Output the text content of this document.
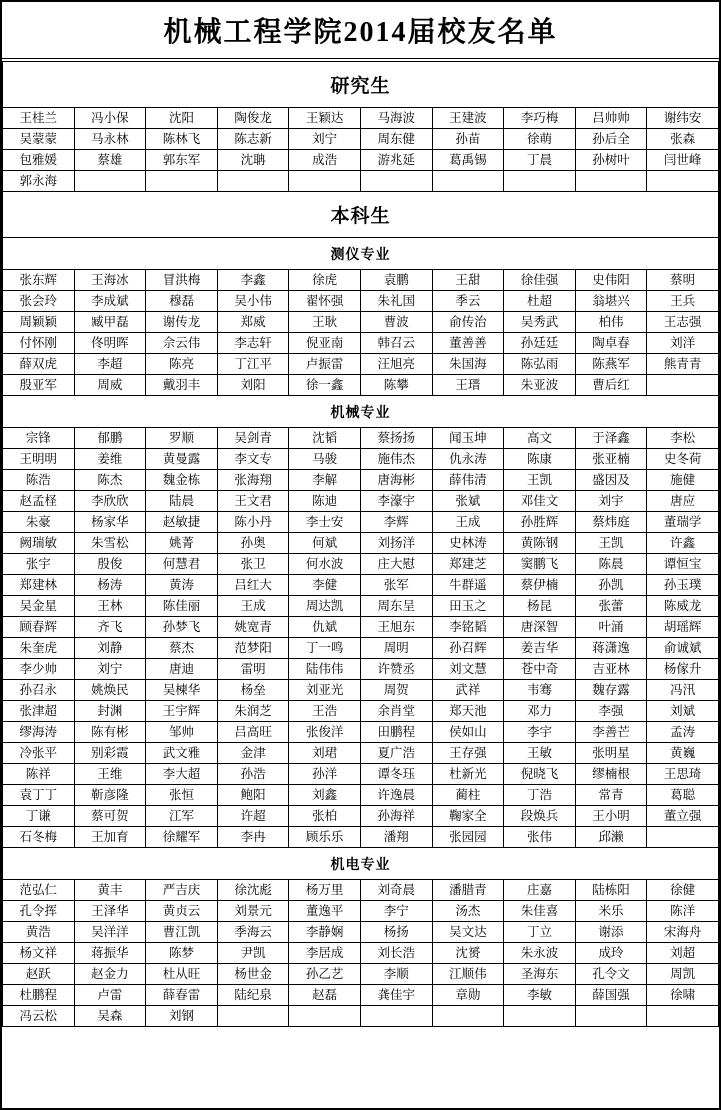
机械工程学院2014届校友名单
研究生									
王桂兰	冯小保	沈阳	陶俊龙	王颖达	马海波	王建波	李巧梅	吕帅帅	谢纬安
吴蒙蒙	马永林	陈林飞	陈志新	刘宁	周东健	孙苗	徐萌	孙后全	张森
包雅媛	蔡雄	郭东军	沈聃	成浩	游兆延	葛禹锡	丁晨	孙树叶	闫世峰
郭永海									
本科生									
测仪专业									
张东辉	王海冰	冒洪梅	李鑫	徐虎	袁鹏	王甜	徐佳强	史伟阳	蔡明
张会玲	李成斌	穆磊	吴小伟	翟怀强	朱礼国	季云	杜超	翁堪兴	王兵
周颖颖	臧甲磊	谢传龙	郑威	王耿	曹波	俞传治	吴秀武	柏伟	王志强
付怀刚	佟明晖	佘云伟	李志轩	倪亚南	韩召云	董善善	孙廷廷	陶卓春	刘洋
薛双虎	李超	陈亮	丁江平	卢振雷	汪旭亮	朱国海	陈弘雨	陈燕军	熊青青
殷亚军	周威	戴羽丰	刘阳	徐一鑫	陈攀	王瑨	朱亚波	曹后红	
机械专业									
宗锋	郁鹏	罗顺	吴剑青	沈韬	蔡扬扬	闻玉坤	高文	于泽鑫	李松
王明明	姜维	黄曼露	李文专	马骏	施伟杰	仇永涛	陈康	张亚楠	史冬荷
陈浩	陈杰	魏金栋	张海翔	李解	唐海彬	薛伟清	王凯	盛因及	施健
赵孟柽	李欣欣	陆晨	王文君	陈迪	李濠宇	张斌	邓佳文	刘宇	唐应
朱豪	杨家华	赵敏捷	陈小丹	李士安	李辉	王成	孙胜辉	蔡炜庭	董瑞学
阙瑞敏	朱雪松	姚菁	孙奥	何斌	刘扬洋	史林涛	黄陈钢	王凯	许鑫
张宇	殷俊	何慧君	张卫	何水波	庄大慰	郑建芝	窦鹏飞	陈晨	谭恒宝
郑建林	杨涛	黄涛	吕红大	李健	张军	牛群遥	蔡伊楠	孙凯	孙玉璞
吴金星	王林	陈佳丽	王成	周达凯	周东呈	田玉之	杨昆	张蕾	陈威龙
顾春辉	齐飞	孙梦飞	姚宽青	仇斌	王旭东	李铭韬	唐深智	叶涌	胡瑶辉
朱奎虎	刘静	蔡杰	范梦阳	丁一鸣	周明	孙召辉	姜吉华	蒋潇逸	俞诚斌
李少帅	刘宁	唐迪	雷明	陆伟伟	许赞丞	刘文慧	苍中奇	吉亚林	杨傢升
孙召永	姚焕民	吴楝华	杨垒	刘亚光	周贺	武祥	韦骞	魏存露	冯汛
张津超	封渊	王宇辉	朱润芝	王浩	余肖堂	郑天池	邓力	李强	刘斌
缪海涛	陈有彬	邹帅	吕高旺	张俊洋	田鹏程	侯如山	李宇	李善芒	孟涛
冷张平	别彩霞	武文雅	金津	刘珺	夏广浩	王存强	王敏	张明星	黄巍
陈祥	王维	李大超	孙浩	孙洋	谭冬珏	杜新光	倪晓飞	缪楠根	王思琦
袁丁丁	靳彦隆	张恒	鲍阳	刘鑫	许逸晨	蔺柱	丁浩	常青	葛聪
丁谦	蔡可贺	江军	许超	张柏	孙海祥	鞠家全	段焕兵	王小明	董立强
石冬梅	王加育	徐耀军	李冉	顾乐乐	潘翔	张园园	张伟	邱濑	
机电专业									
范弘仁	黄丰	严吉庆	徐沈彪	杨万里	刘奇晨	潘腊青	庄嘉	陆栋阳	徐健
孔令挥	王泽华	黄贞云	刘景元	董逸平	李宁	汤杰	朱佳喜	米乐	陈洋
黄浩	吴洋洋	曹江凯	季海云	李静娴	杨扬	吴文达	丁立	谢添	宋海舟
杨文祥	蒋振华	陈梦	尹凯	李居成	刘长浩	沈赟	朱永波	成玲	刘超
赵跃	赵金力	杜从旺	杨世金	孙乙艺	李顺	江顺伟	圣海东	孔令文	周凯
杜鹏程	卢雷	薛春雷	陆纪泉	赵磊	龚佳宇	章勋	李敏	薛国强	徐啸
冯云松	吴森	刘钢							
